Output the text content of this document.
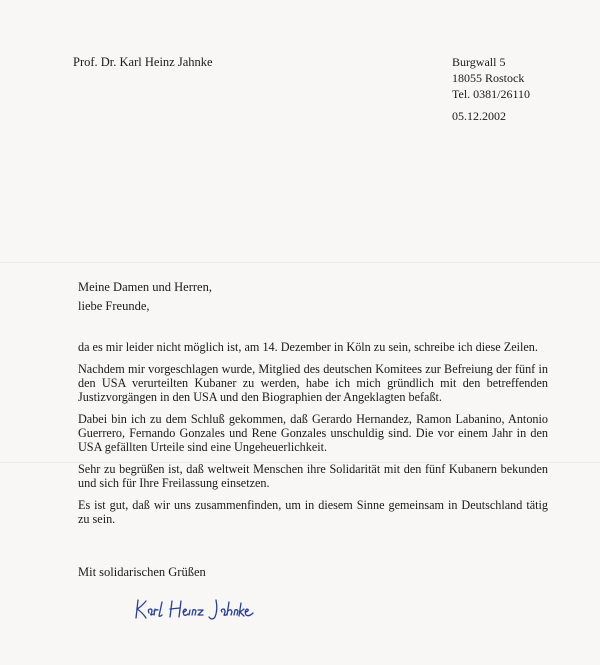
Prof. Dr. Karl Heinz Jahnke	Burgwall 5
18055 Rostock
Tel. 0381/26110
05.12.2002
Meine Damen und Herren,
liebe Freunde,

da es mir leider nicht möglich ist, am 14. Dezember in Köln zu sein, schreibe ich diese Zeilen.

Nachdem mir vorgeschlagen wurde, Mitglied des deutschen Komitees zur Befreiung der fünf in den USA verurteilten Kubaner zu werden, habe ich mich gründlich mit den betreffenden Justizvorgängen in den USA und den Biographien der Angeklagten befaßt.

Dabei bin ich zu dem Schluß gekommen, daß Gerardo Hernandez, Ramon Labanino, Antonio Guerrero, Fernando Gonzales und Rene Gonzales unschuldig sind. Die vor einem Jahr in den USA gefällten Urteile sind eine Ungeheuerlichkeit.

Sehr zu begrüßen ist, daß weltweit Menschen ihre Solidarität mit den fünf Kubanern bekunden und sich für Ihre Freilassung einsetzen.

Es ist gut, daß wir uns zusammenfinden, um in diesem Sinne gemeinsam in Deutschland tätig zu sein.

Mit solidarischen Grüßen
